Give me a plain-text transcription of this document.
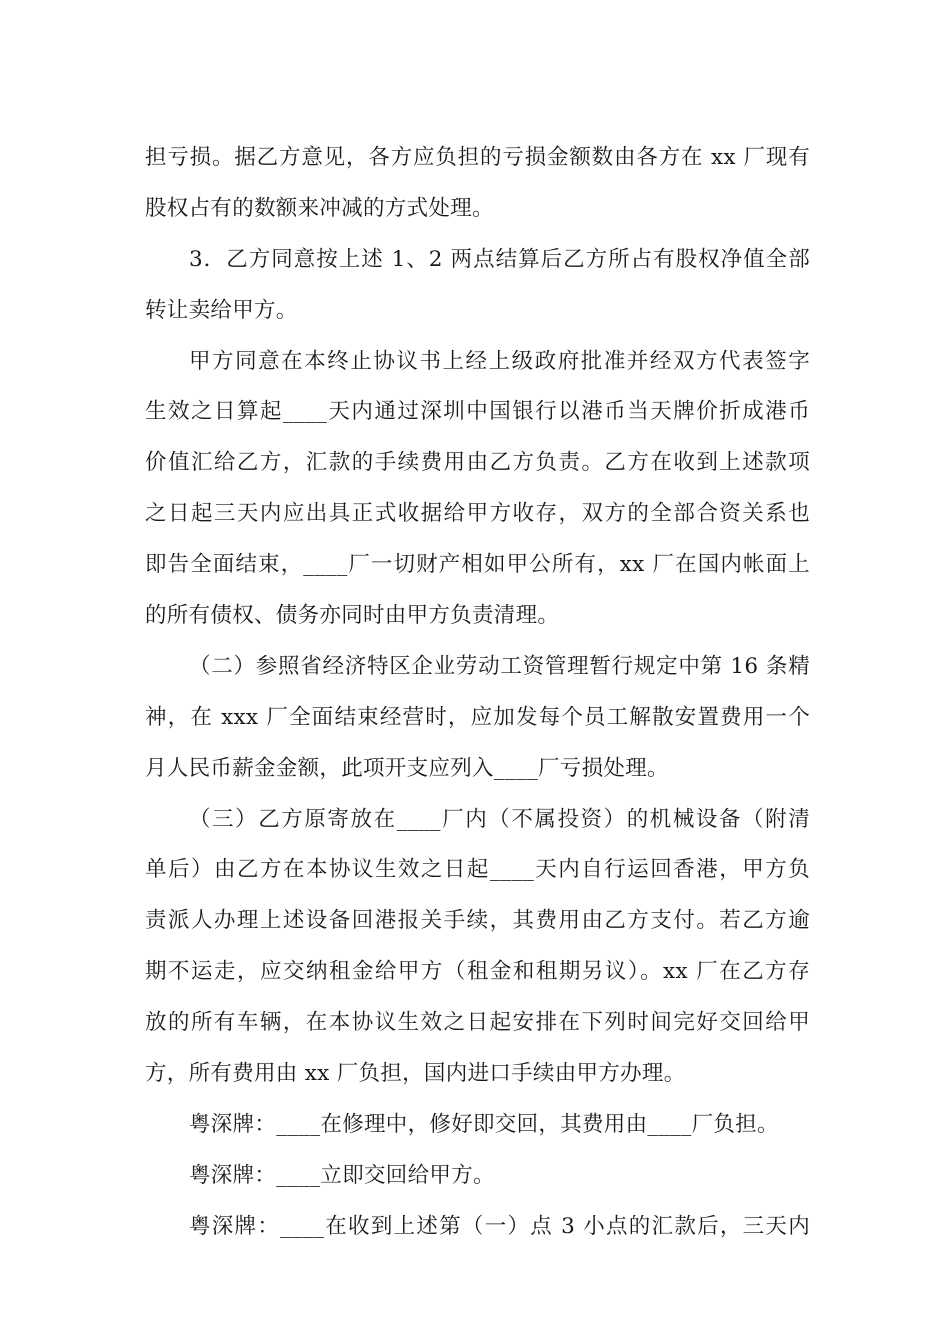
担亏损。据乙方意见，各方应负担的亏损金额数由各方在 xx 厂现有
股权占有的数额来冲减的方式处理。
3．乙方同意按上述 1、2 两点结算后乙方所占有股权净值全部
转让卖给甲方。
甲方同意在本终止协议书上经上级政府批准并经双方代表签字
生效之日算起____天内通过深圳中国银行以港币当天牌价折成港币
价值汇给乙方，汇款的手续费用由乙方负责。乙方在收到上述款项
之日起三天内应出具正式收据给甲方收存，双方的全部合资关系也
即告全面结束，____厂一切财产相如甲公所有，xx 厂在国内帐面上
的所有债权、债务亦同时由甲方负责清理。
（二）参照省经济特区企业劳动工资管理暂行规定中第 16 条精
神，在 xxx 厂全面结束经营时，应加发每个员工解散安置费用一个
月人民币薪金金额，此项开支应列入____厂亏损处理。
（三）乙方原寄放在____厂内（不属投资）的机械设备（附清
单后）由乙方在本协议生效之日起____天内自行运回香港，甲方负
责派人办理上述设备回港报关手续，其费用由乙方支付。若乙方逾
期不运走，应交纳租金给甲方（租金和租期另议）。xx 厂在乙方存
放的所有车辆，在本协议生效之日起安排在下列时间完好交回给甲
方，所有费用由 xx 厂负担，国内进口手续由甲方办理。
粤深牌：____在修理中，修好即交回，其费用由____厂负担。
粤深牌：____立即交回给甲方。
粤深牌：____在收到上述第（一）点 3 小点的汇款后，三天内
